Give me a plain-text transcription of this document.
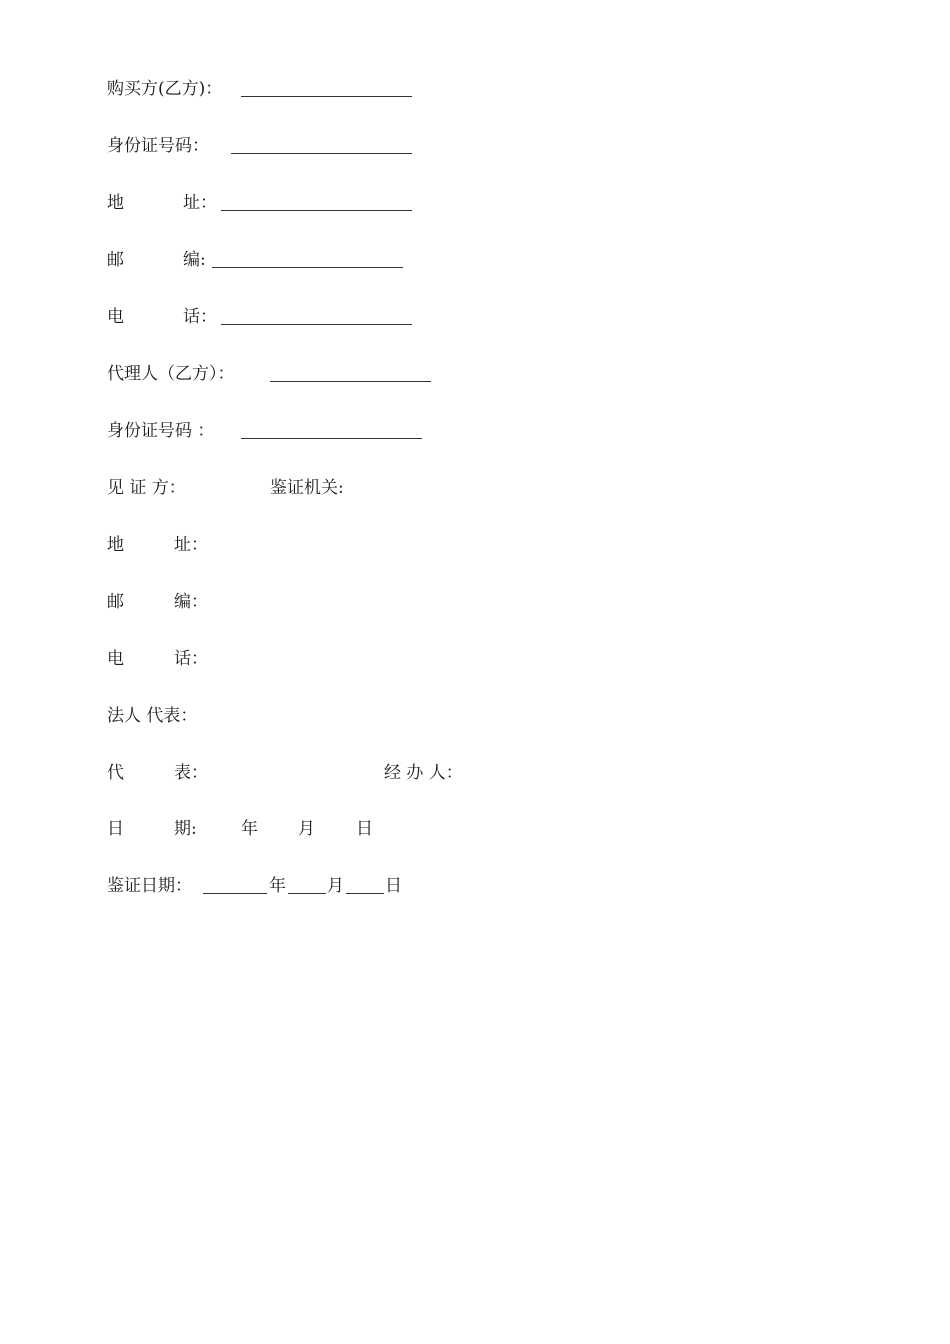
购买方(乙方)：
身份证号码：
地	址：
邮	编:
电	话：
代理人（乙方）：
身份证号码 ：
见 证 方：	鉴证机关:
地	址：
邮	编：
电	话：
法人 代表：
代	表：	经 办 人：
日	期:	年 月 日
鉴证日期：	年 月 日
